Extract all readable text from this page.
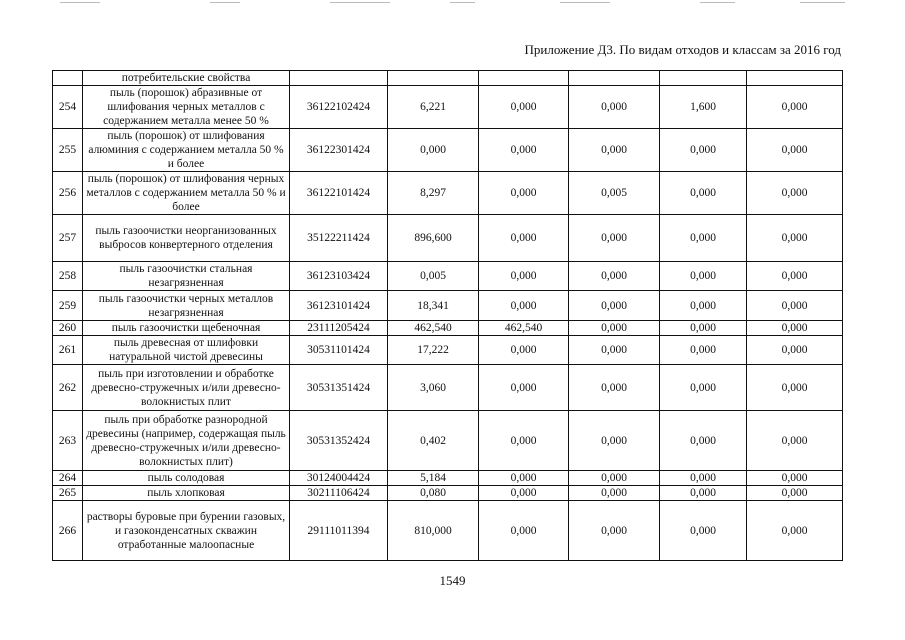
Приложение Д3. По видам отходов и классам за 2016 год
	потребительские свойства						
254	пыль (порошок) абразивные от шлифования черных металлов с содержанием металла менее 50 %	36122102424	6,221	0,000	0,000	1,600	0,000
255	пыль (порошок) от шлифования алюминия с содержанием металла 50 % и более	36122301424	0,000	0,000	0,000	0,000	0,000
256	пыль (порошок) от шлифования черных металлов с содержанием металла 50 % и более	36122101424	8,297	0,000	0,005	0,000	0,000
257	пыль газоочистки неорганизованных выбросов конвертерного отделения	35122211424	896,600	0,000	0,000	0,000	0,000
258	пыль газоочистки стальная незагрязненная	36123103424	0,005	0,000	0,000	0,000	0,000
259	пыль газоочистки черных металлов незагрязненная	36123101424	18,341	0,000	0,000	0,000	0,000
260	пыль газоочистки щебеночная	23111205424	462,540	462,540	0,000	0,000	0,000
261	пыль древесная от шлифовки натуральной чистой древесины	30531101424	17,222	0,000	0,000	0,000	0,000
262	пыль при изготовлении и обработке древесно-стружечных и/или древесно-волокнистых плит	30531351424	3,060	0,000	0,000	0,000	0,000
263	пыль при обработке разнородной древесины (например, содержащая пыль древесно-стружечных и/или древесно-волокнистых плит)	30531352424	0,402	0,000	0,000	0,000	0,000
264	пыль солодовая	30124004424	5,184	0,000	0,000	0,000	0,000
265	пыль хлопковая	30211106424	0,080	0,000	0,000	0,000	0,000
266	растворы буровые при бурении газовых, и газоконденсатных скважин отработанные малоопасные	29111011394	810,000	0,000	0,000	0,000	0,000
1549
